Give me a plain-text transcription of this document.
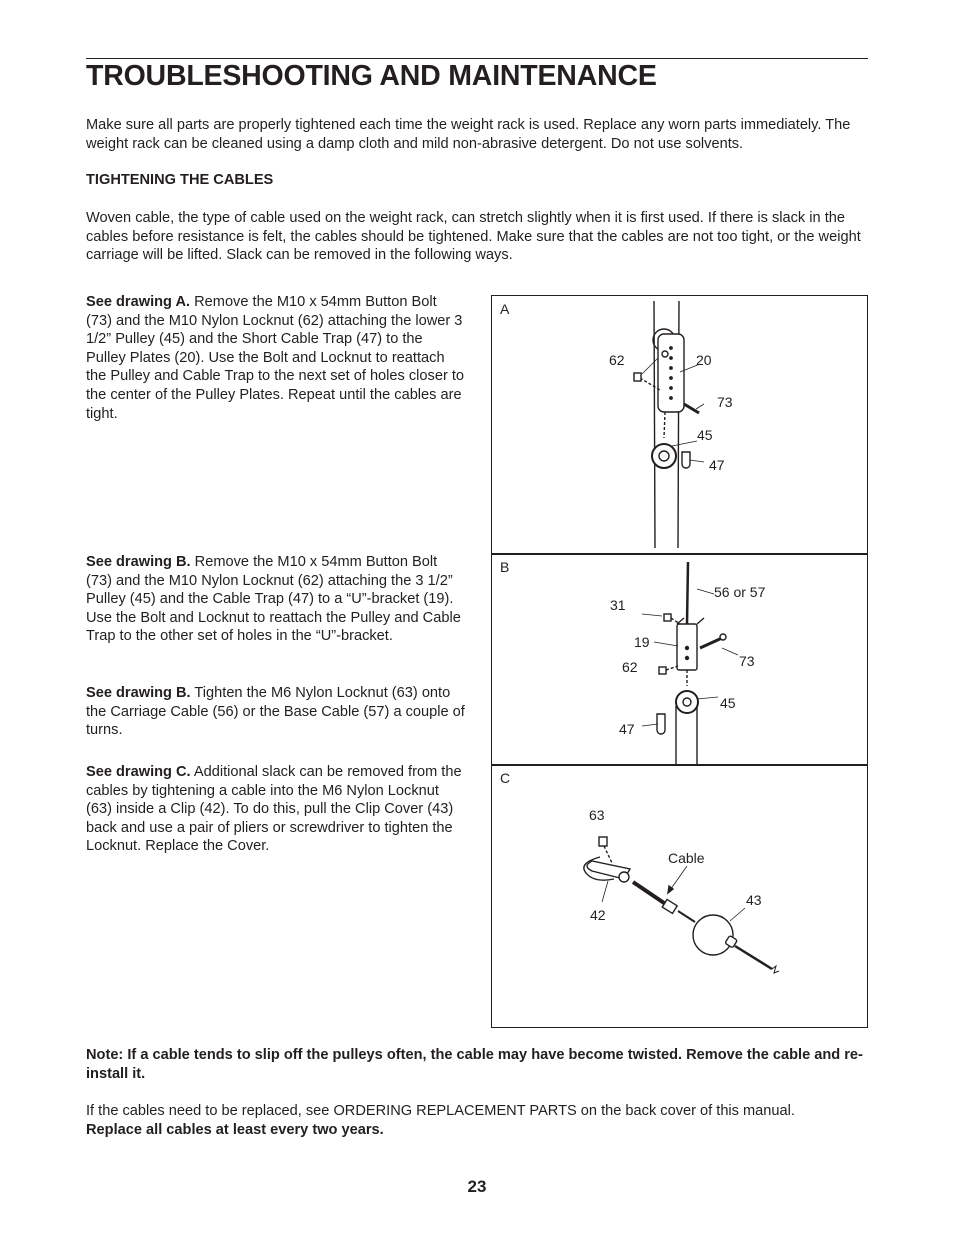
TROUBLESHOOTING AND MAINTENANCE

Make sure all parts are properly tightened each time the weight rack is used. Replace any worn parts immediately. The weight rack can be cleaned using a damp cloth and mild non-abrasive detergent. Do not use solvents.

TIGHTENING THE CABLES

Woven cable, the type of cable used on the weight rack, can stretch slightly when it is first used. If there is slack in the cables before resistance is felt, the cables should be tightened. Make sure that the cables are not too tight, or the weight carriage will be lifted. Slack can be removed in the following ways.

See drawing A. Remove the M10 x 54mm Button Bolt (73) and the M10 Nylon Locknut (62) attaching the lower 3 1/2” Pulley (45) and the Short Cable Trap (47) to the Pulley Plates (20). Use the Bolt and Locknut to reattach the Pulley and Cable Trap to the next set of holes closer to the center of the Pulley Plates. Repeat until the cables are tight.

See drawing B. Remove the M10 x 54mm Button Bolt (73) and the M10 Nylon Locknut (62) attaching the 3 1/2” Pulley (45) and the Cable Trap (47) to a “U”-bracket (19). Use the Bolt and Locknut to reattach the Pulley and Cable Trap to the other set of holes in the “U”-bracket.

See drawing B. Tighten the M6 Nylon Locknut (63) onto the Carriage Cable (56) or the Base Cable (57) a couple of turns.

See drawing C. Additional slack can be removed from the cables by tightening a cable into the M6 Nylon Locknut (63) inside a Clip (42). To do this, pull the Clip Cover (43) back and use a pair of pliers or screwdriver to tighten the Locknut. Replace the Cover.

A
62	20
73
45
47
B
56 or 57
31
19
73
62
45
47
C
63
Cable
43
42

Note: If a cable tends to slip off the pulleys often, the cable may have become twisted. Remove the cable and re-install it.

If the cables need to be replaced, see ORDERING REPLACEMENT PARTS on the back cover of this manual.
Replace all cables at least every two years.

23
